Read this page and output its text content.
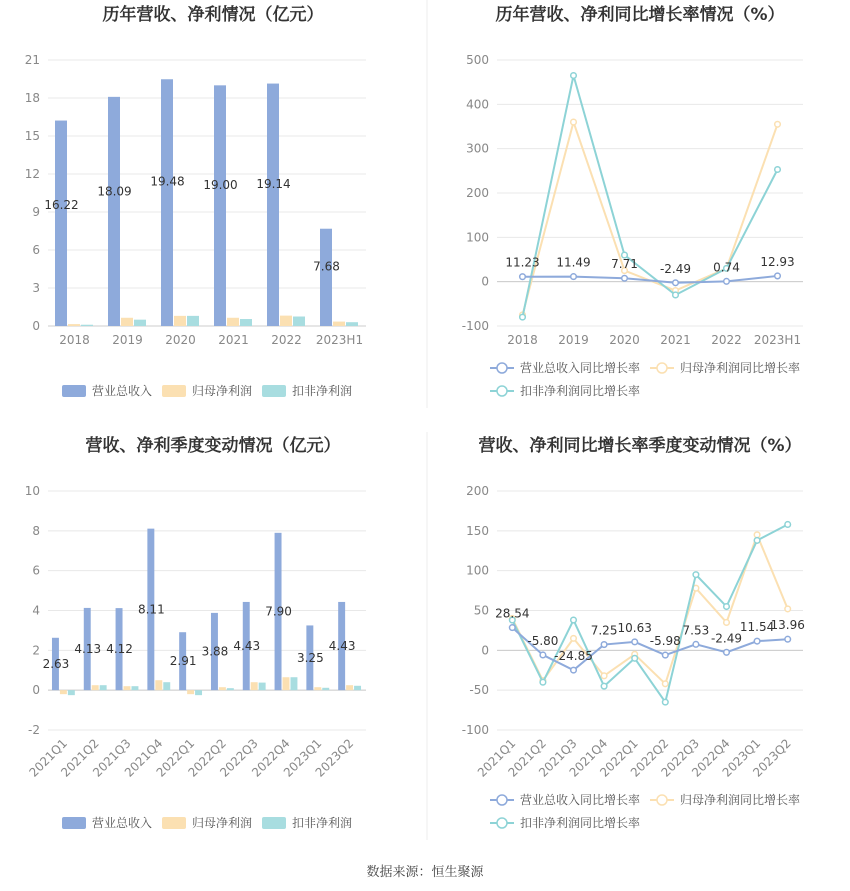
历年营收、净利情况（亿元）
0
3
6
9
12
15
18
21
2018 2019 2020 2021 2022 2023H1
16.22
18.09
19.48 19.00 19.14
7.68
营业总收入	归母净利润	扣非净利润
历年营收、净利同比增长率情况（%）
-100
0
100
200
300
400
500
2018 2019 2020 2021 2022 2023H1
11.23 11.49 7.71 -2.49 0.74 12.93
营业总收入同比增长率	归母净利润同比增长率
扣非净利润同比增长率
营收、净利季度变动情况（亿元）
-2
0
2
4
6
8
10
2021Q1
2021Q2
2021Q3
2021Q4
2022Q1
2022Q2
2022Q3
2022Q4
2023Q1
2023Q2
2.63
4.13 4.12
8.11
2.91
3.88 4.43
7.90
3.25
4.43
营业总收入	归母净利润	扣非净利润
营收、净利同比增长率季度变动情况（%）
-100
-50
0
50
100
150
200
2021Q1
2021Q2
2021Q3
2021Q4
2022Q1
2022Q2
2022Q3
2022Q4
2023Q1
2023Q2
28.54
-5.80
-24.85
7.25 10.63
-5.98
7.53
-2.49
11.54
13.96
营业总收入同比增长率	归母净利润同比增长率
扣非净利润同比增长率
数据来源：恒生聚源
